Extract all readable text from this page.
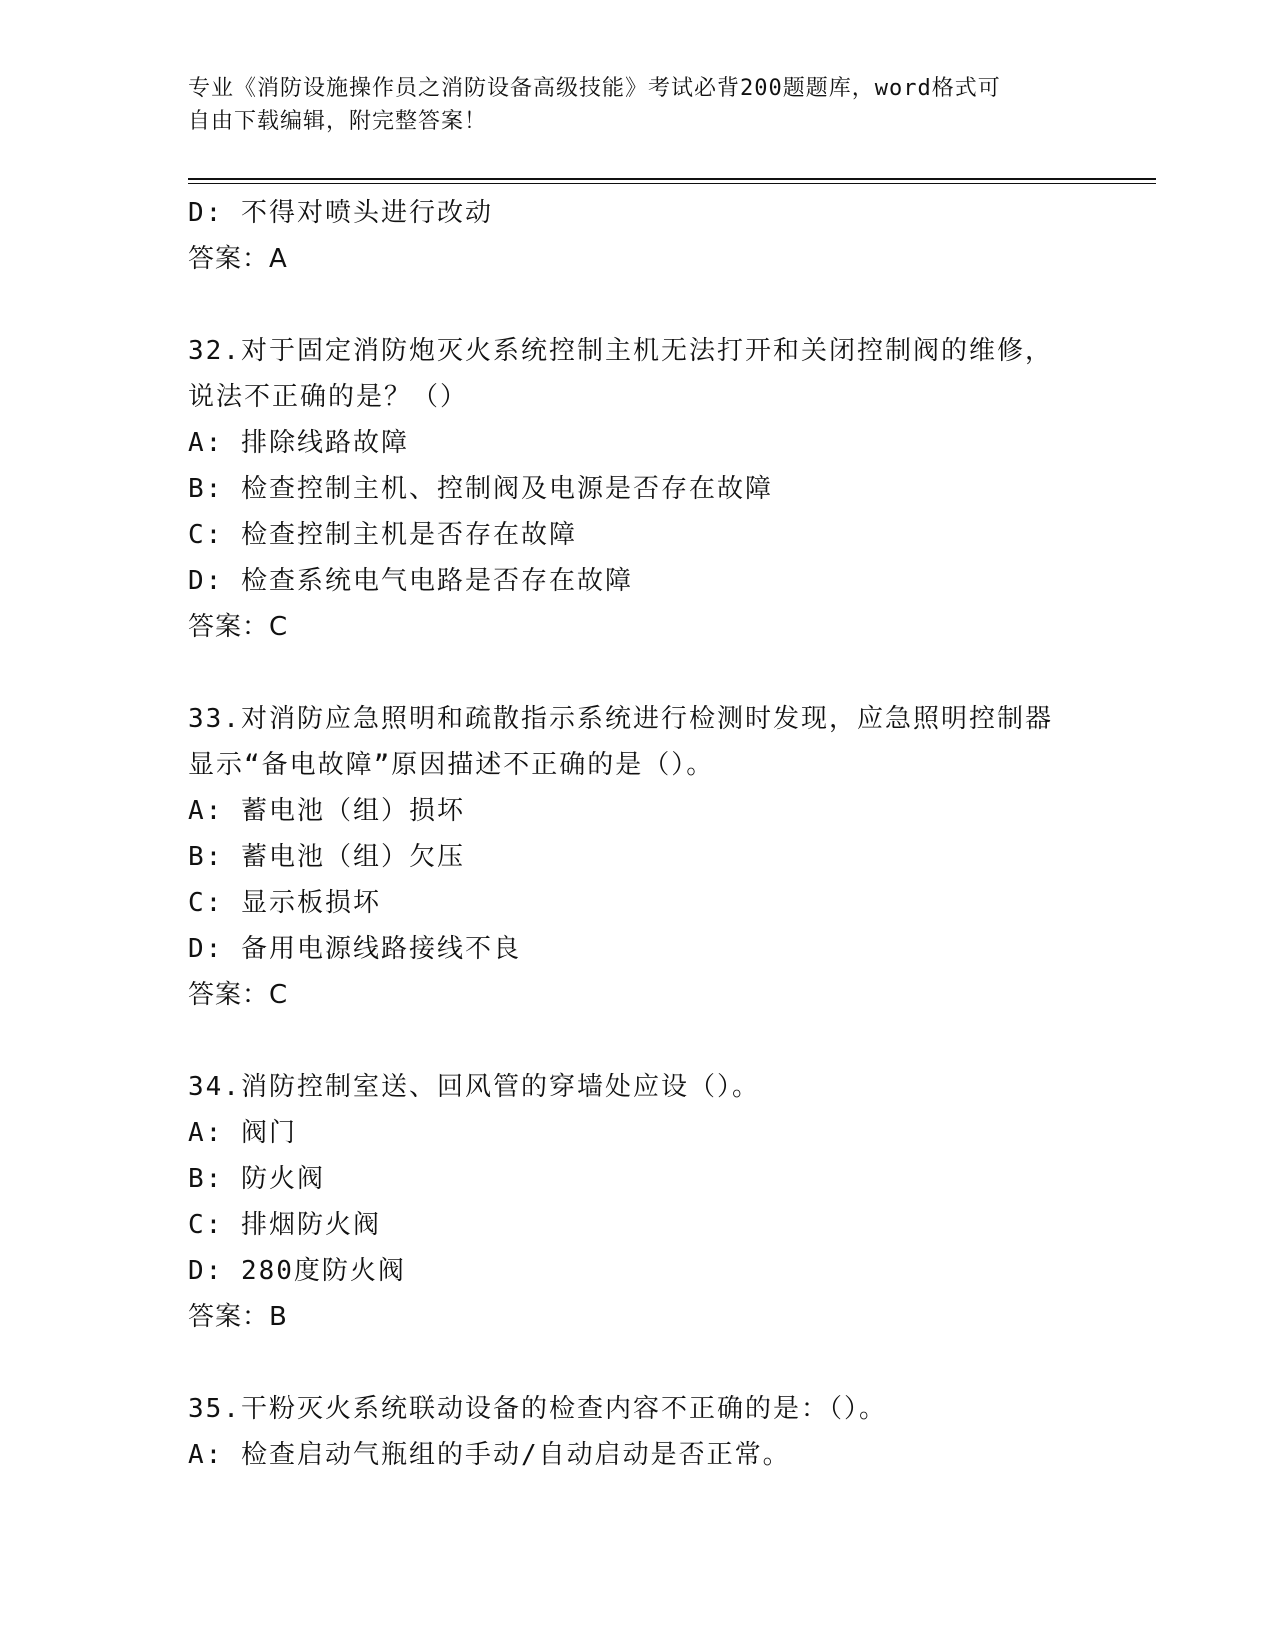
专业《消防设施操作员之消防设备高级技能》考试必背200题题库，word格式可
自由下载编辑，附完整答案！
D: 不得对喷头进行改动
答案：A
32.对于固定消防炮灭火系统控制主机无法打开和关闭控制阀的维修，
说法不正确的是？（）
A: 排除线路故障
B: 检查控制主机、控制阀及电源是否存在故障
C: 检查控制主机是否存在故障
D: 检查系统电气电路是否存在故障
答案：C
33.对消防应急照明和疏散指示系统进行检测时发现，应急照明控制器
显示“备电故障”原因描述不正确的是（）。
A: 蓄电池（组）损坏
B: 蓄电池（组）欠压
C: 显示板损坏
D: 备用电源线路接线不良
答案：C
34.消防控制室送、回风管的穿墙处应设（）。
A: 阀门
B: 防火阀
C: 排烟防火阀
D: 280度防火阀
答案：B
35.干粉灭火系统联动设备的检查内容不正确的是：（）。
A: 检查启动气瓶组的手动/自动启动是否正常。
